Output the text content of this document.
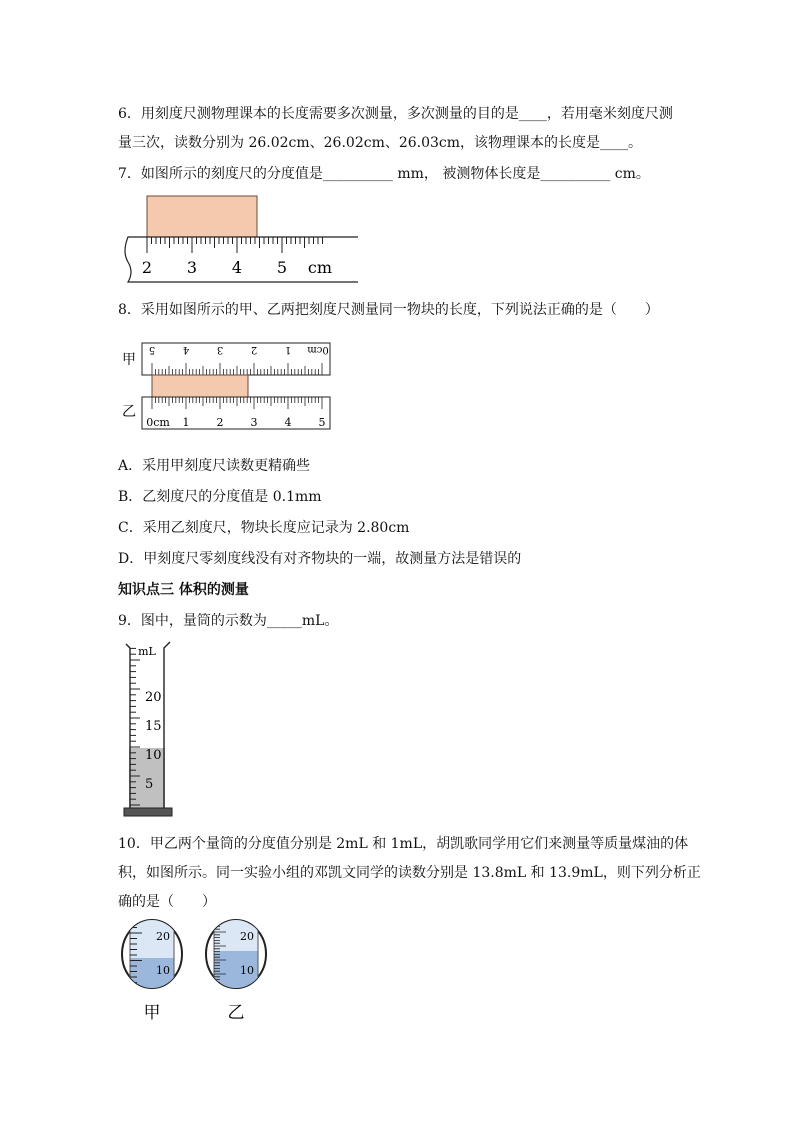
6．用刻度尺测物理课本的长度需要多次测量，多次测量的目的是____，若用毫米刻度尺测
量三次，读数分别为 26.02cm、26.02cm、26.03cm，该物理课本的长度是____。
7．如图所示的刻度尺的分度值是__________ mm， 被测物体长度是__________ cm。
2 3 4 5 cm
8．采用如图所示的甲、乙两把刻度尺测量同一物块的长度，下列说法正确的是（　　）
甲
乙
5	4	3	2	1 0cm
0cm 1 2 3 4 5
A．采用甲刻度尺读数更精确些
B．乙刻度尺的分度值是 0.1mm
C．采用乙刻度尺，物块长度应记录为 2.80cm
D．甲刻度尺零刻度线没有对齐物块的一端，故测量方法是错误的
知识点三 体积的测量
9．图中，量筒的示数为_____mL。
mL
20
15
10
5
10．甲乙两个量筒的分度值分别是 2mL 和 1mL，胡凯歌同学用它们来测量等质量煤油的体
积，如图所示。同一实验小组的邓凯文同学的读数分别是 13.8mL 和 13.9mL，则下列分析正
确的是（　　）
20
10
20
10
甲	乙
